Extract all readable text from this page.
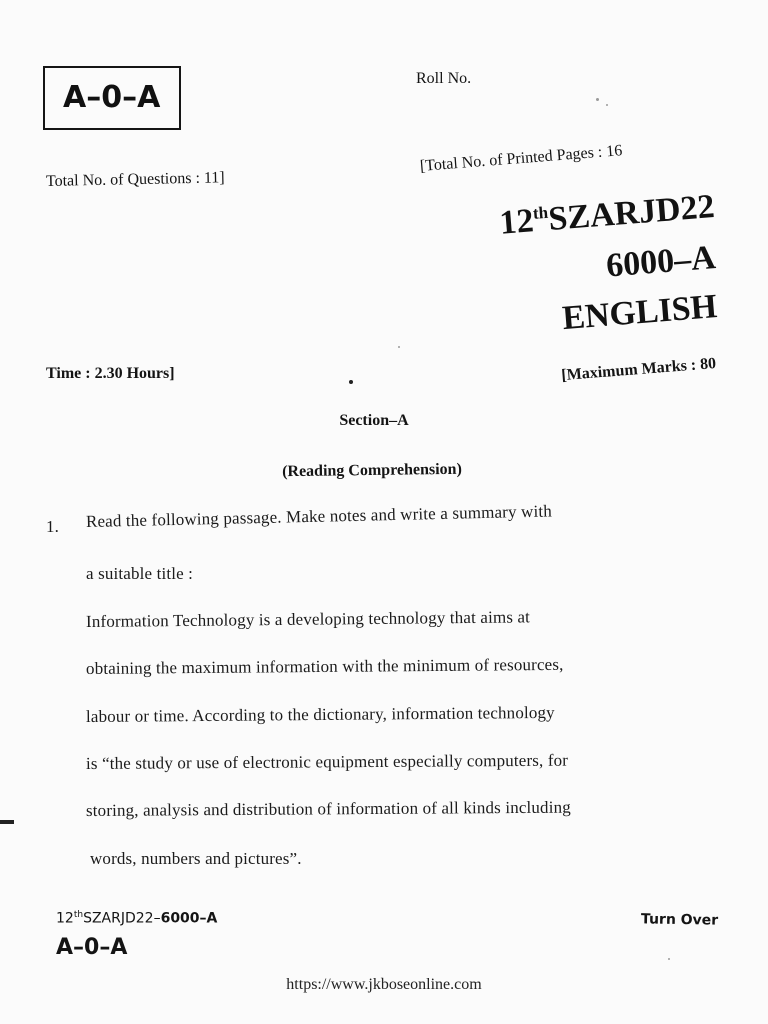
A–0–A
Roll No.
Total No. of Questions : 11]
[Total No. of Printed Pages : 16
12thSZARJD22
6000–A
ENGLISH
Time : 2.30 Hours]	[Maximum Marks : 80
Section–A
(Reading Comprehension)
1. Read the following passage. Make notes and write a summary with
a suitable title :
Information Technology is a developing technology that aims at
obtaining the maximum information with the minimum of resources,
labour or time. According to the dictionary, information technology
is “the study or use of electronic equipment especially computers, for
storing, analysis and distribution of information of all kinds including
words, numbers and pictures”.
12thSZARJD22–6000–A	Turn Over
A–0–A
https://www.jkboseonline.com
